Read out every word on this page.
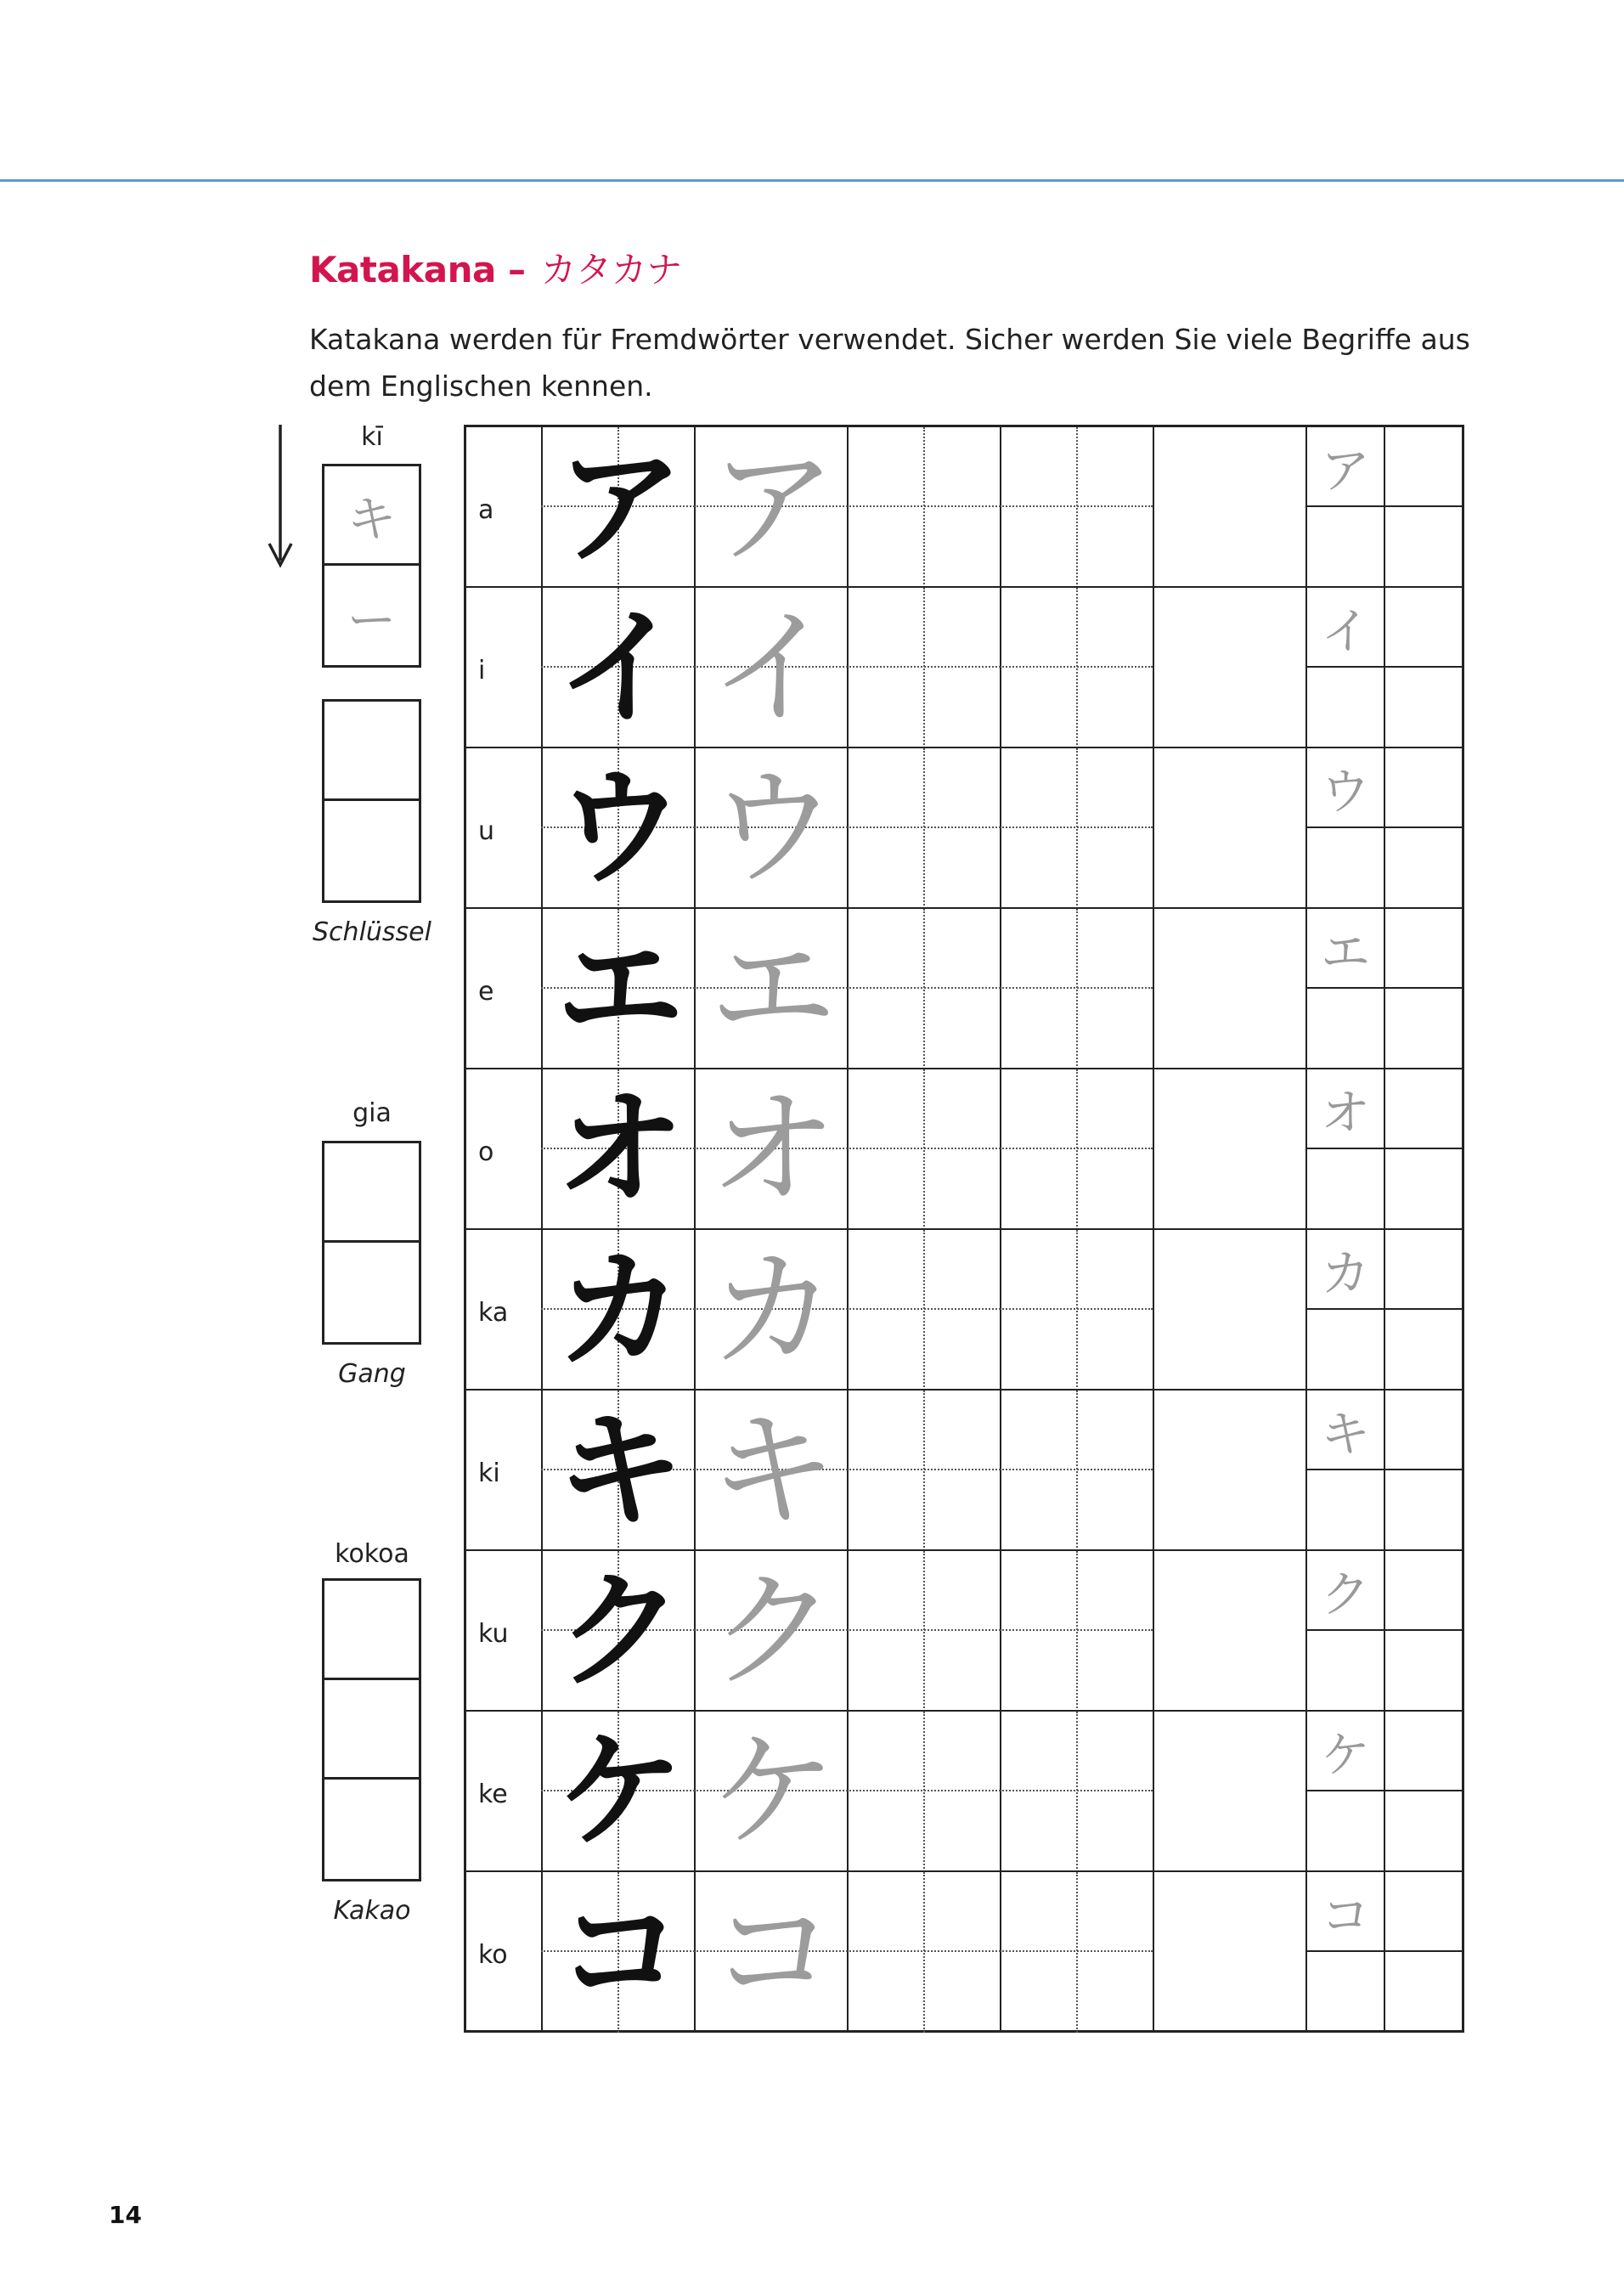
Katakana – カタカナ
Katakana werden für Fremdwörter verwendet. Sicher werden Sie viele Begriffe aus dem Englischen kennen.
kī
キ
ー
Schlüssel
gia
Gang
kokoa
Kakao
a ア ア	ア
i イ イ	イ
u ウ ウ	ウ
e エ エ	エ
o オ オ	オ
ka カ カ	カ
ki キ キ	キ
ku ク ク	ク
ke ケ ケ	ケ
ko コ コ	コ
14
